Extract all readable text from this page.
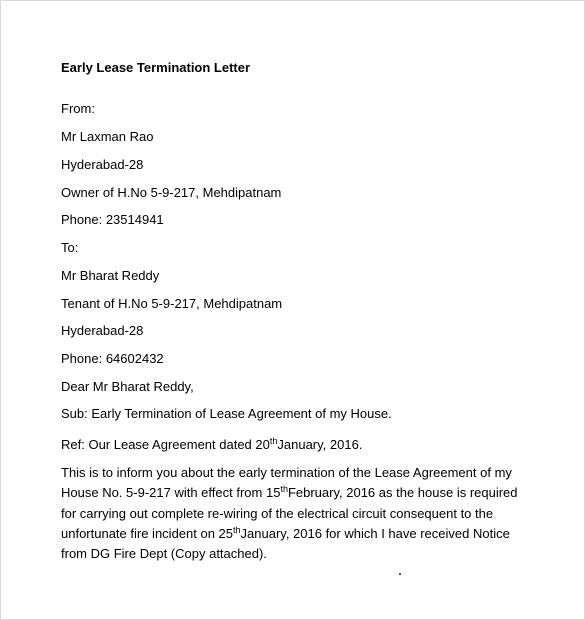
Early Lease Termination Letter
From:
Mr Laxman Rao
Hyderabad-28
Owner of H.No 5-9-217, Mehdipatnam
Phone: 23514941
To:
Mr Bharat Reddy
Tenant of H.No 5-9-217, Mehdipatnam
Hyderabad-28
Phone: 64602432
Dear Mr Bharat Reddy,
Sub: Early Termination of Lease Agreement of my House.
Ref: Our Lease Agreement dated 20thJanuary, 2016.
This is to inform you about the early termination of the Lease Agreement of my
House No. 5-9-217 with effect from 15thFebruary, 2016 as the house is required
for carrying out complete re-wiring of the electrical circuit consequent to the
unfortunate fire incident on 25thJanuary, 2016 for which I have received Notice
from DG Fire Dept (Copy attached).
